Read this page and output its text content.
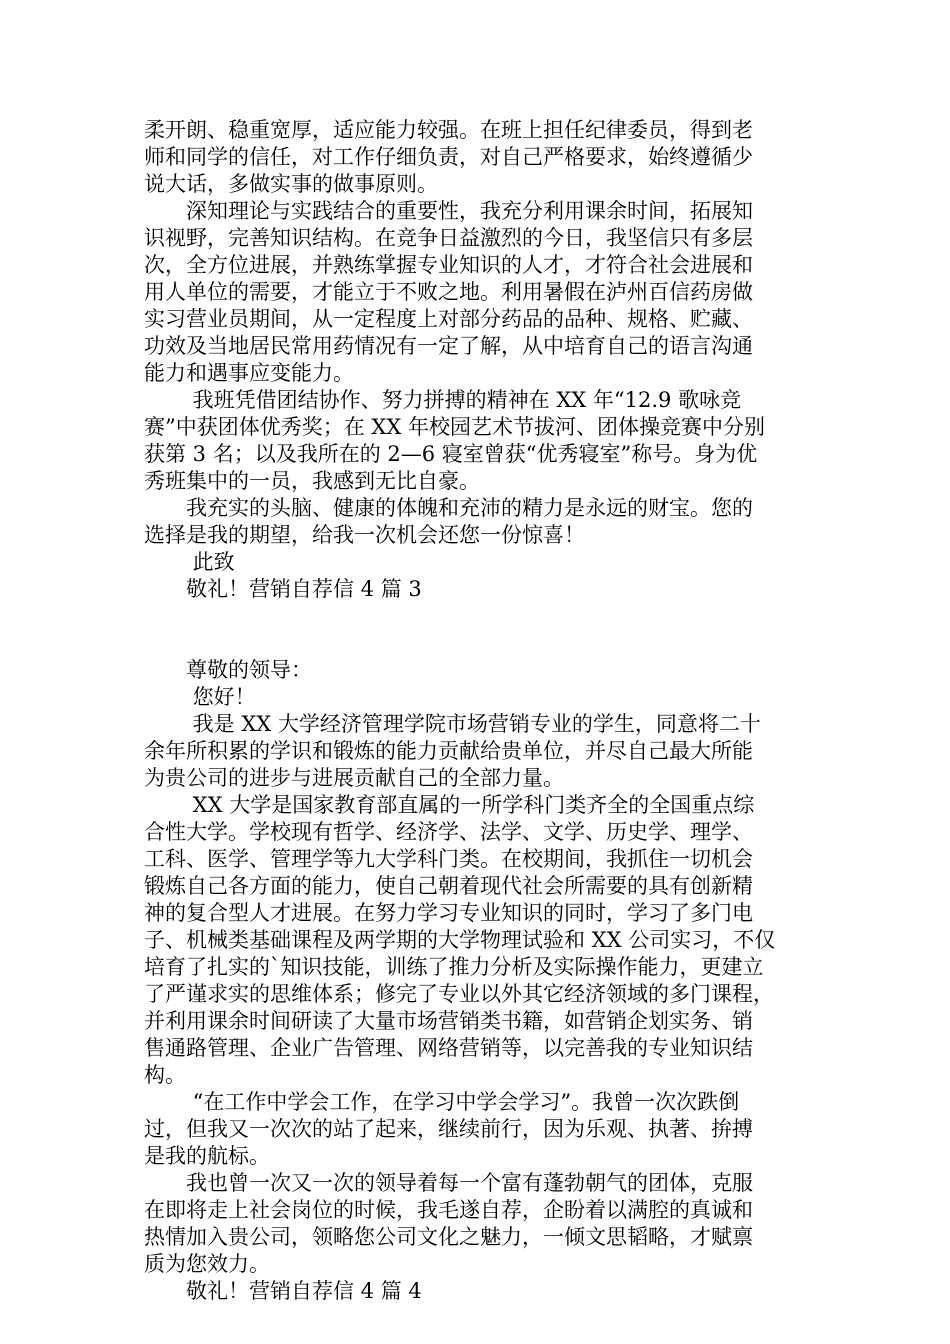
柔开朗、稳重宽厚，适应能力较强。在班上担任纪律委员，得到老
师和同学的信任，对工作仔细负责，对自己严格要求，始终遵循少
说大话，多做实事的做事原则。
　　深知理论与实践结合的重要性，我充分利用课余时间，拓展知
识视野，完善知识结构。在竞争日益激烈的今日，我坚信只有多层
次，全方位进展，并熟练掌握专业知识的人才，才符合社会进展和
用人单位的需要，才能立于不败之地。利用暑假在泸州百信药房做
实习营业员期间，从一定程度上对部分药品的品种、规格、贮藏、
功效及当地居民常用药情况有一定了解，从中培育自己的语言沟通
能力和遇事应变能力。
　　 我班凭借团结协作、努力拼搏的精神在 XX 年“12.9 歌咏竞
赛”中获团体优秀奖；在 XX 年校园艺术节拔河、团体操竞赛中分别
获第 3 名；以及我所在的 2—6 寝室曾获“优秀寝室”称号。身为优
秀班集中的一员，我感到无比自豪。
　　我充实的头脑、健康的体魄和充沛的精力是永远的财宝。您的
选择是我的期望，给我一次机会还您一份惊喜！
　　 此致
　　敬礼！营销自荐信 4 篇 3
　　尊敬的领导：
　　 您好！
　　 我是 XX 大学经济管理学院市场营销专业的学生，同意将二十
余年所积累的学识和锻炼的能力贡献给贵单位，并尽自己最大所能
为贵公司的进步与进展贡献自己的全部力量。
　　 XX 大学是国家教育部直属的一所学科门类齐全的全国重点综
合性大学。学校现有哲学、经济学、法学、文学、历史学、理学、
工科、医学、管理学等九大学科门类。在校期间，我抓住一切机会
锻炼自己各方面的能力，使自己朝着现代社会所需要的具有创新精
神的复合型人才进展。在努力学习专业知识的同时，学习了多门电
子、机械类基础课程及两学期的大学物理试验和 XX 公司实习，不仅
培育了扎实的`知识技能，训练了推力分析及实际操作能力，更建立
了严谨求实的思维体系；修完了专业以外其它经济领域的多门课程，
并利用课余时间研读了大量市场营销类书籍，如营销企划实务、销
售通路管理、企业广告管理、网络营销等，以完善我的专业知识结
构。
　　 “在工作中学会工作，在学习中学会学习”。我曾一次次跌倒
过，但我又一次次的站了起来，继续前行，因为乐观、执著、拚搏
是我的航标。
　　我也曾一次又一次的领导着每一个富有蓬勃朝气的团体，克服
在即将走上社会岗位的时候，我毛遂自荐，企盼着以满腔的真诚和
热情加入贵公司，领略您公司文化之魅力，一倾文思韬略，才赋禀
质为您效力。
　　敬礼！营销自荐信 4 篇 4
